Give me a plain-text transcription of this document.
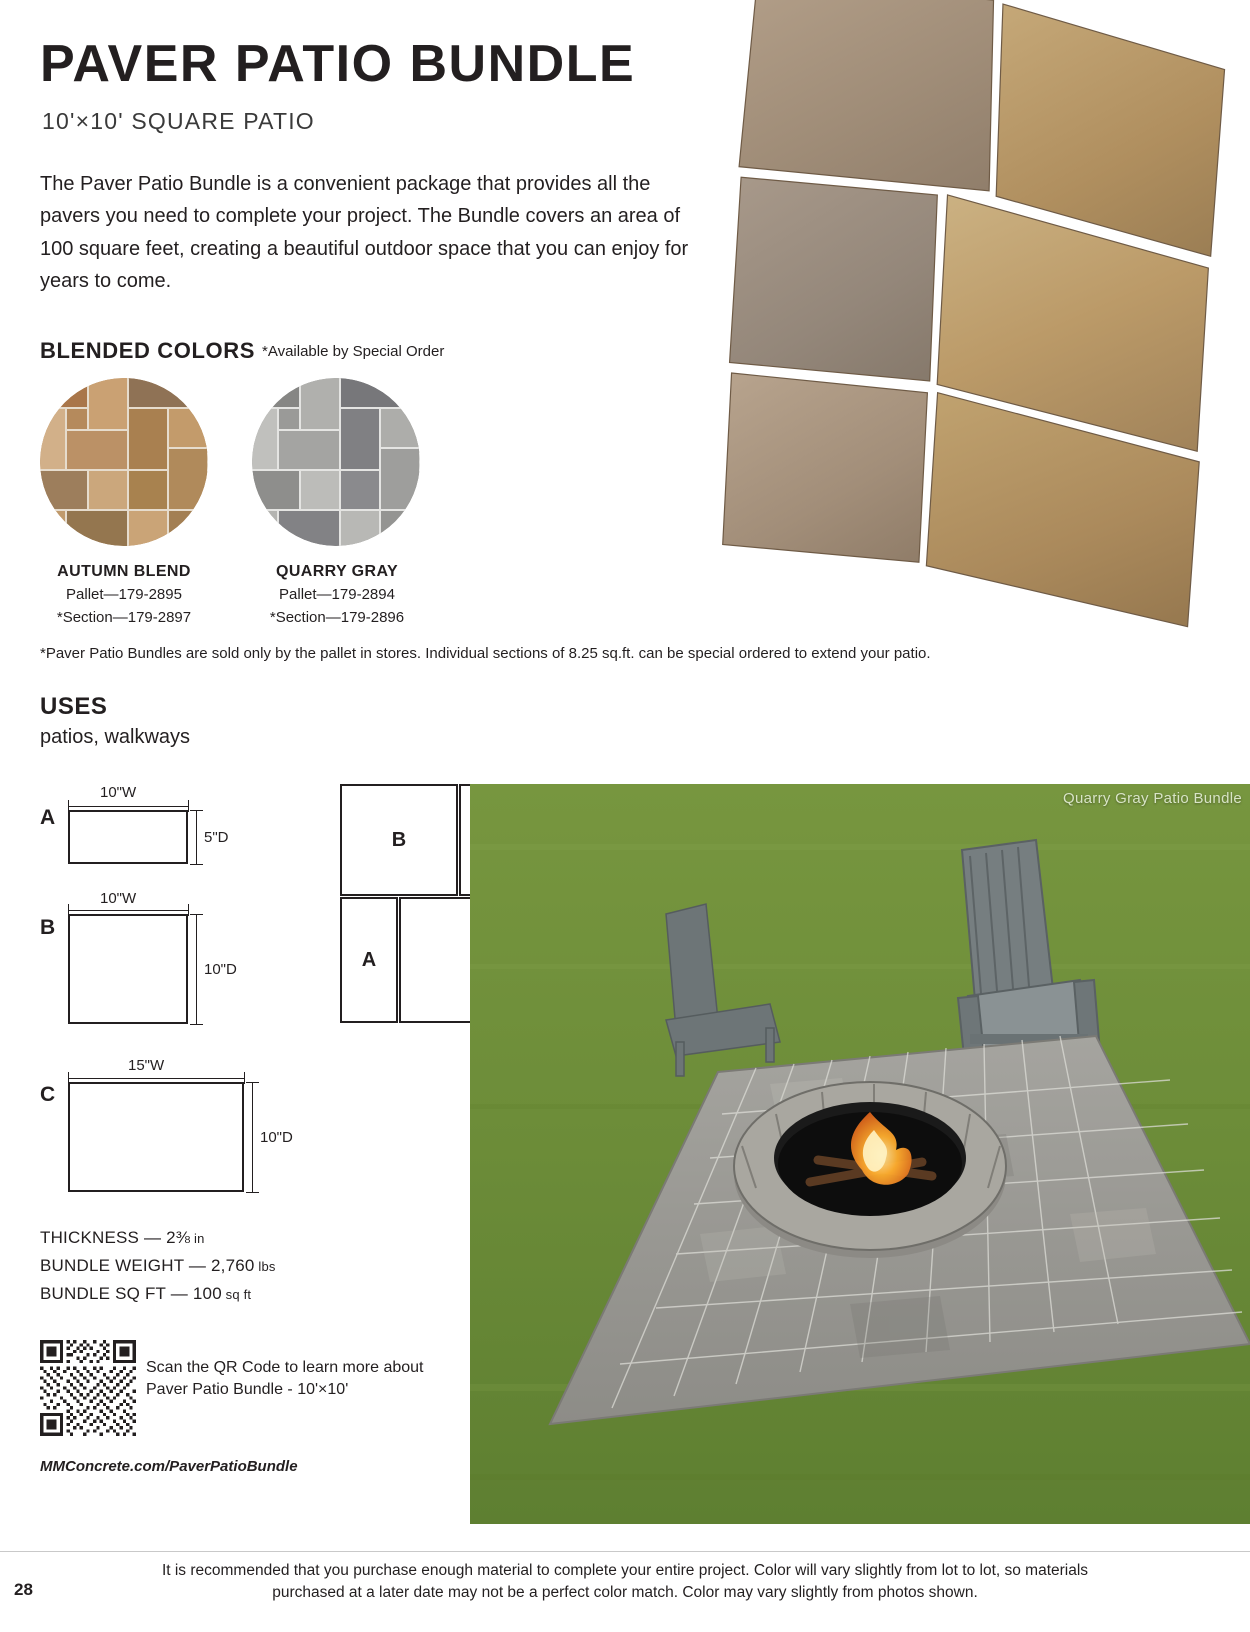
PAVER PATIO BUNDLE
10'×10' SQUARE PATIO
The Paver Patio Bundle is a convenient package that provides all the pavers you need to complete your project. The Bundle covers an area of 100 square feet, creating a beautiful outdoor space that you can enjoy for years to come.
BLENDED COLORS *Available by Special Order
AUTUMN BLEND
Pallet—179-2895
*Section—179-2897
QUARRY GRAY
Pallet—179-2894
*Section—179-2896
*Paver Patio Bundles are sold only by the pallet in stores. Individual sections of 8.25 sq.ft. can be special ordered to extend your patio.
USES
patios, walkways
A
10"W
5"D
B
10"W
10"D
C
15"W
10"D
B
A
THICKNESS — 2⅜ in
BUNDLE WEIGHT — 2,760 lbs
BUNDLE SQ FT — 100 sq ft
Scan the QR Code to learn more about Paver Patio Bundle - 10'×10'
MMConcrete.com/PaverPatioBundle
Quarry Gray Patio Bundle
It is recommended that you purchase enough material to complete your entire project. Color will vary slightly from lot to lot, so materials purchased at a later date may not be a perfect color match. Color may vary slightly from photos shown.
28
